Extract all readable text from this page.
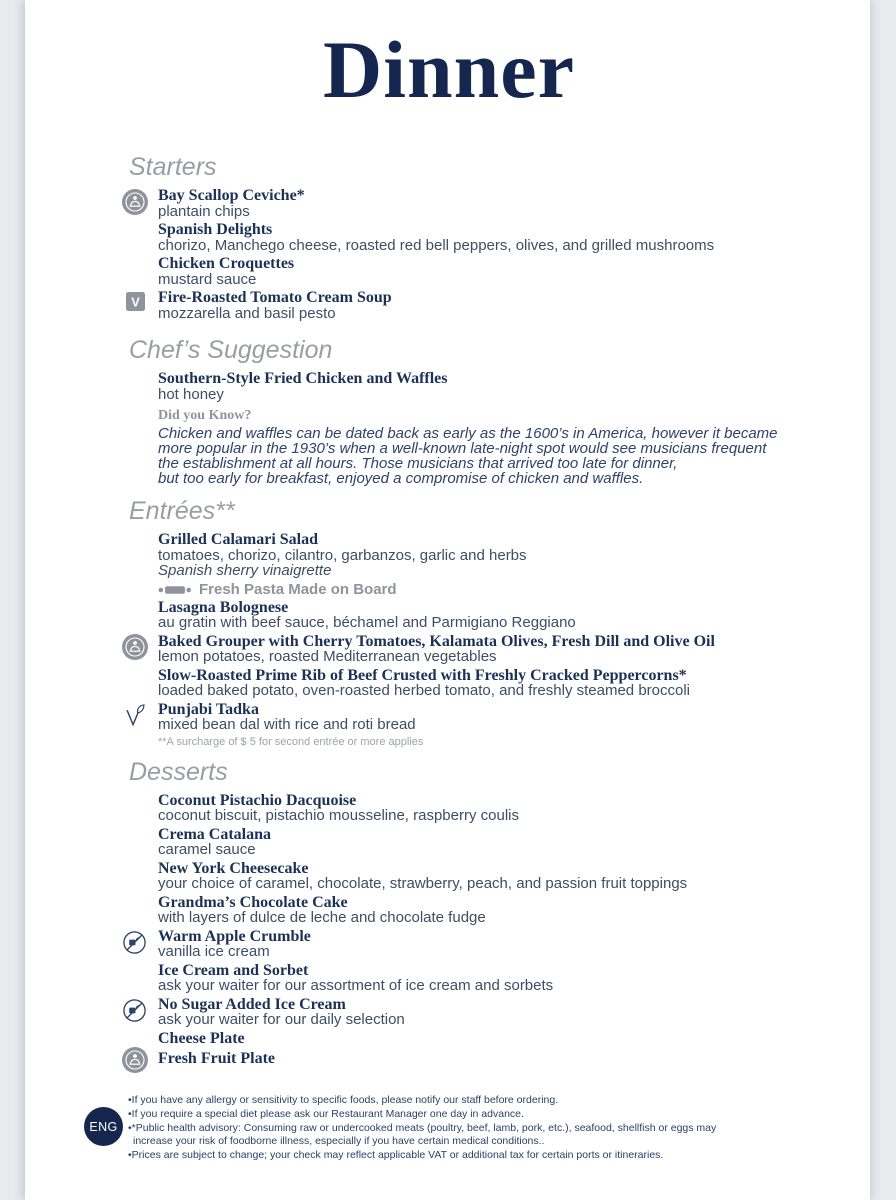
Dinner
Starters
Bay Scallop Ceviche*
plantain chips
Spanish Delights
chorizo, Manchego cheese, roasted red bell peppers, olives, and grilled mushrooms
Chicken Croquettes
mustard sauce
V Fire-Roasted Tomato Cream Soup
mozzarella and basil pesto
Chef’s Suggestion
Southern-Style Fried Chicken and Waffles
hot honey
Did you Know?
Chicken and waffles can be dated back as early as the 1600’s in America, however it became
more popular in the 1930’s when a well-known late-night spot would see musicians frequent
the establishment at all hours. Those musicians that arrived too late for dinner,
but too early for breakfast, enjoyed a compromise of chicken and waffles.
Entrées**
Grilled Calamari Salad
tomatoes, chorizo, cilantro, garbanzos, garlic and herbs
Spanish sherry vinaigrette
Fresh Pasta Made on Board
Lasagna Bolognese
au gratin with beef sauce, béchamel and Parmigiano Reggiano
Baked Grouper with Cherry Tomatoes, Kalamata Olives, Fresh Dill and Olive Oil
lemon potatoes, roasted Mediterranean vegetables
Slow-Roasted Prime Rib of Beef Crusted with Freshly Cracked Peppercorns*
loaded baked potato, oven-roasted herbed tomato, and freshly steamed broccoli
Punjabi Tadka
mixed bean dal with rice and roti bread
**A surcharge of $ 5 for second entrée or more applies
Desserts
Coconut Pistachio Dacquoise
coconut biscuit, pistachio mousseline, raspberry coulis
Crema Catalana
caramel sauce
New York Cheesecake
your choice of caramel, chocolate, strawberry, peach, and passion fruit toppings
Grandma’s Chocolate Cake
with layers of dulce de leche and chocolate fudge
Warm Apple Crumble
vanilla ice cream
Ice Cream and Sorbet
ask your waiter for our assortment of ice cream and sorbets
No Sugar Added Ice Cream
ask your waiter for our daily selection
Cheese Plate
Fresh Fruit Plate
•If you have any allergy or sensitivity to specific foods, please notify our staff before ordering.
•If you require a special diet please ask our Restaurant Manager one day in advance.
•*Public health advisory: Consuming raw or undercooked meats (poultry, beef, lamb, pork, etc.), seafood, shellfish or eggs may increase your risk of foodborne illness, especially if you have certain medical conditions..
•Prices are subject to change; your check may reflect applicable VAT or additional tax for certain ports or itineraries.
ENG
